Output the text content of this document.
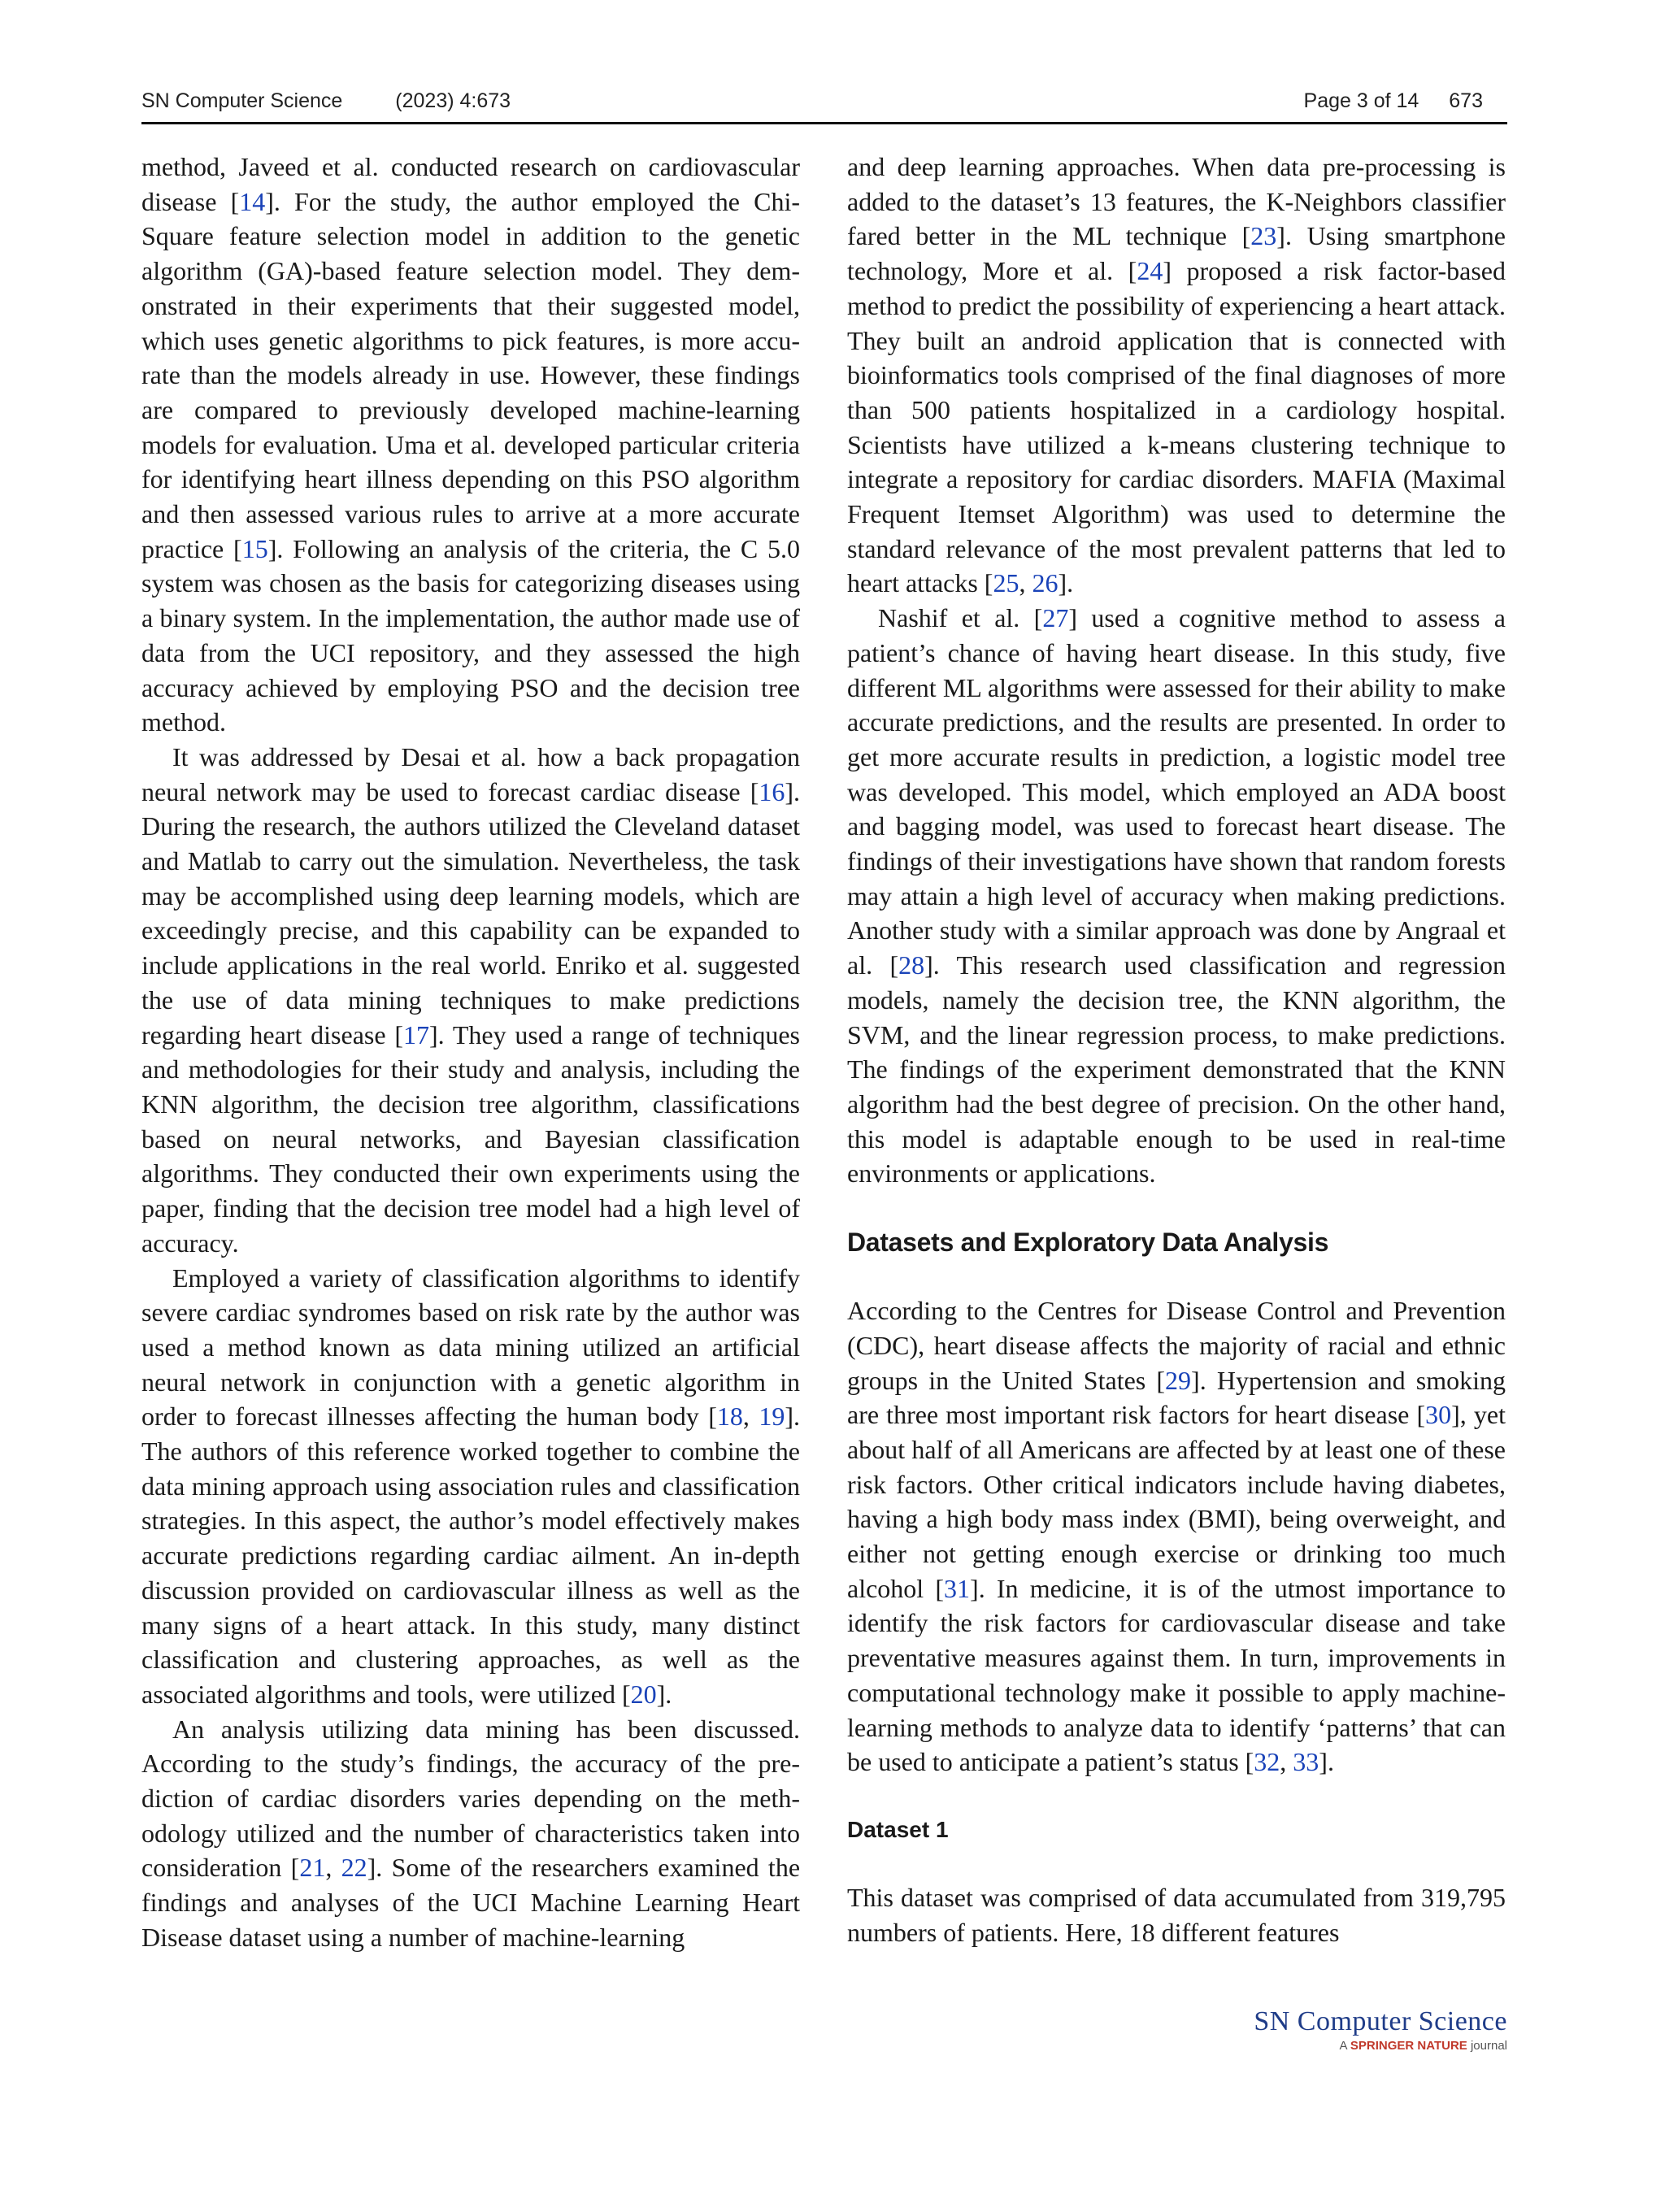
SN Computer Science	(2023) 4:673	Page 3 of 14 673

method, Javeed et al. conducted research on cardiovascular disease [14]. For the study, the author employed the Chi-Square feature selection model in addition to the genetic algorithm (GA)-based feature selection model. They demonstrated in their experiments that their suggested model, which uses genetic algorithms to pick features, is more accurate than the models already in use. However, these findings are compared to previously developed machine-learning models for evaluation. Uma et al. developed particular criteria for identifying heart illness depending on this PSO algorithm and then assessed various rules to arrive at a more accurate practice [15]. Following an analysis of the criteria, the C 5.0 system was chosen as the basis for categorizing diseases using a binary system. In the implementation, the author made use of data from the UCI repository, and they assessed the high accuracy achieved by employing PSO and the decision tree method.

It was addressed by Desai et al. how a back propagation neural network may be used to forecast cardiac disease [16]. During the research, the authors utilized the Cleveland dataset and Matlab to carry out the simulation. Nevertheless, the task may be accomplished using deep learning models, which are exceedingly precise, and this capability can be expanded to include applications in the real world. Enriko et al. suggested the use of data mining techniques to make predictions regarding heart disease [17]. They used a range of techniques and methodologies for their study and analysis, including the KNN algorithm, the decision tree algorithm, classifications based on neural networks, and Bayesian classification algorithms. They conducted their own experiments using the paper, finding that the decision tree model had a high level of accuracy.

Employed a variety of classification algorithms to identify severe cardiac syndromes based on risk rate by the author was used a method known as data mining utilized an artificial neural network in conjunction with a genetic algorithm in order to forecast illnesses affecting the human body [18, 19]. The authors of this reference worked together to combine the data mining approach using association rules and classification strategies. In this aspect, the author’s model effectively makes accurate predictions regarding cardiac ailment. An in-depth discussion provided on cardiovascular illness as well as the many signs of a heart attack. In this study, many distinct classification and clustering approaches, as well as the associated algorithms and tools, were utilized [20].

An analysis utilizing data mining has been discussed. According to the study’s findings, the accuracy of the prediction of cardiac disorders varies depending on the methodology utilized and the number of characteristics taken into consideration [21, 22]. Some of the researchers examined the findings and analyses of the UCI Machine Learning Heart Disease dataset using a number of machine-learning

and deep learning approaches. When data pre-processing is added to the dataset’s 13 features, the K-Neighbors classifier fared better in the ML technique [23]. Using smartphone technology, More et al. [24] proposed a risk factor-based method to predict the possibility of experiencing a heart attack. They built an android application that is connected with bioinformatics tools comprised of the final diagnoses of more than 500 patients hospitalized in a cardiology hospital. Scientists have utilized a k-means clustering technique to integrate a repository for cardiac disorders. MAFIA (Maximal Frequent Itemset Algorithm) was used to determine the standard relevance of the most prevalent patterns that led to heart attacks [25, 26].

Nashif et al. [27] used a cognitive method to assess a patient’s chance of having heart disease. In this study, five different ML algorithms were assessed for their ability to make accurate predictions, and the results are presented. In order to get more accurate results in prediction, a logistic model tree was developed. This model, which employed an ADA boost and bagging model, was used to forecast heart disease. The findings of their investigations have shown that random forests may attain a high level of accuracy when making predictions. Another study with a similar approach was done by Angraal et al. [28]. This research used classification and regression models, namely the decision tree, the KNN algorithm, the SVM, and the linear regression process, to make predictions. The findings of the experiment demonstrated that the KNN algorithm had the best degree of precision. On the other hand, this model is adaptable enough to be used in real-time environments or applications.

Datasets and Exploratory Data Analysis

According to the Centres for Disease Control and Prevention (CDC), heart disease affects the majority of racial and ethnic groups in the United States [29]. Hypertension and smoking are three most important risk factors for heart disease [30], yet about half of all Americans are affected by at least one of these risk factors. Other critical indicators include having diabetes, having a high body mass index (BMI), being overweight, and either not getting enough exercise or drinking too much alcohol [31]. In medicine, it is of the utmost importance to identify the risk factors for cardiovascular disease and take preventative measures against them. In turn, improvements in computational technology make it possible to apply machine-learning methods to analyze data to identify ‘patterns’ that can be used to anticipate a patient’s status [32, 33].

Dataset 1

This dataset was comprised of data accumulated from 319,795 numbers of patients. Here, 18 different features

SN Computer Science
A SPRINGER NATURE journal
